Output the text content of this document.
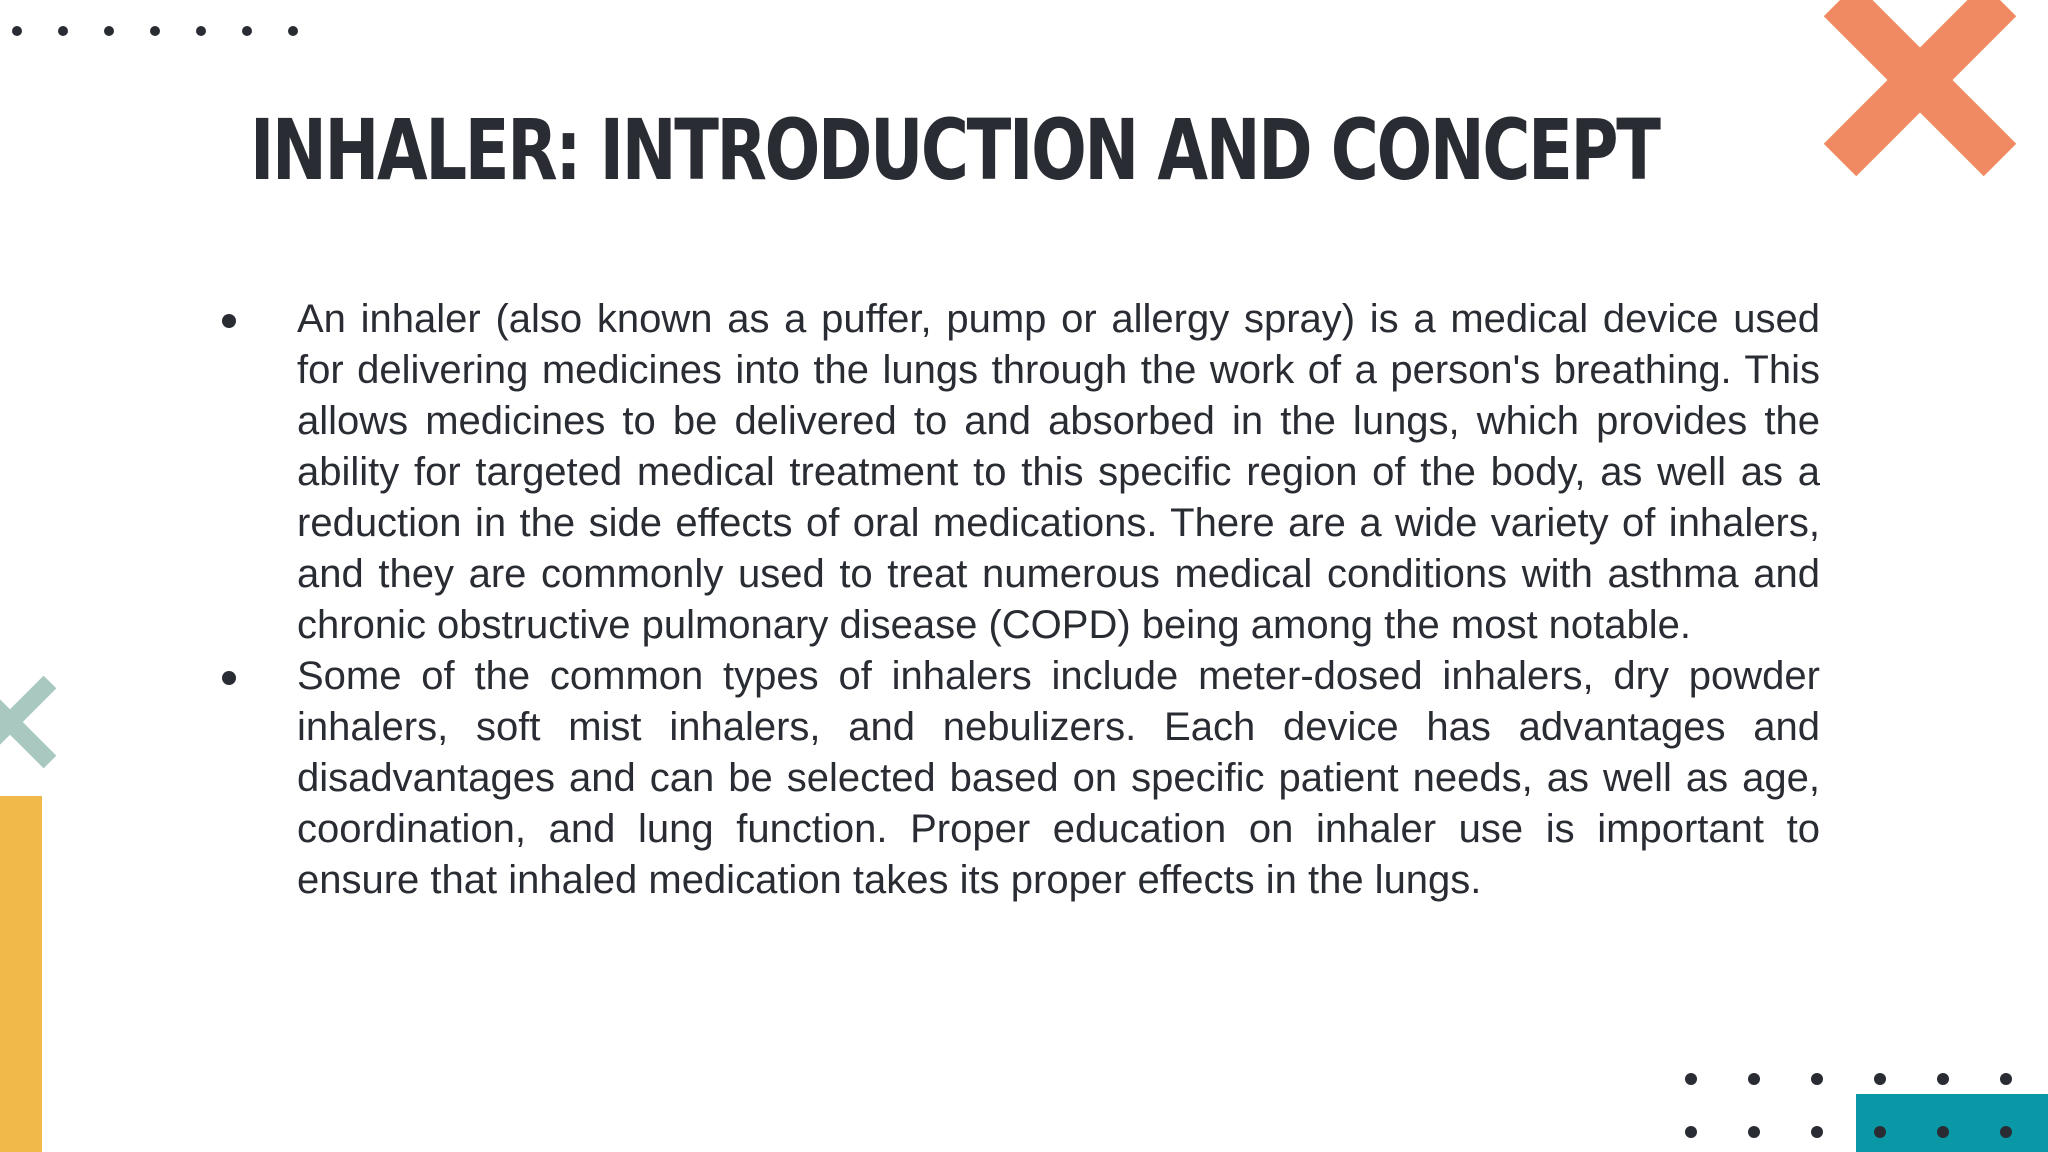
INHALER: INTRODUCTION AND CONCEPT
An inhaler (also known as a puffer, pump or allergy spray) is a medical device used for delivering medicines into the lungs through the work of a person's breathing. This allows medicines to be delivered to and absorbed in the lungs, which provides the ability for targeted medical treatment to this specific region of the body, as well as a reduction in the side effects of oral medications. There are a wide variety of inhalers, and they are commonly used to treat numerous medical conditions with asthma and chronic obstructive pulmonary disease (COPD) being among the most notable.
Some of the common types of inhalers include meter-dosed inhalers, dry powder inhalers, soft mist inhalers, and nebulizers. Each device has advantages and disadvantages and can be selected based on specific patient needs, as well as age, coordination, and lung function. Proper education on inhaler use is important to ensure that inhaled medication takes its proper effects in the lungs.
